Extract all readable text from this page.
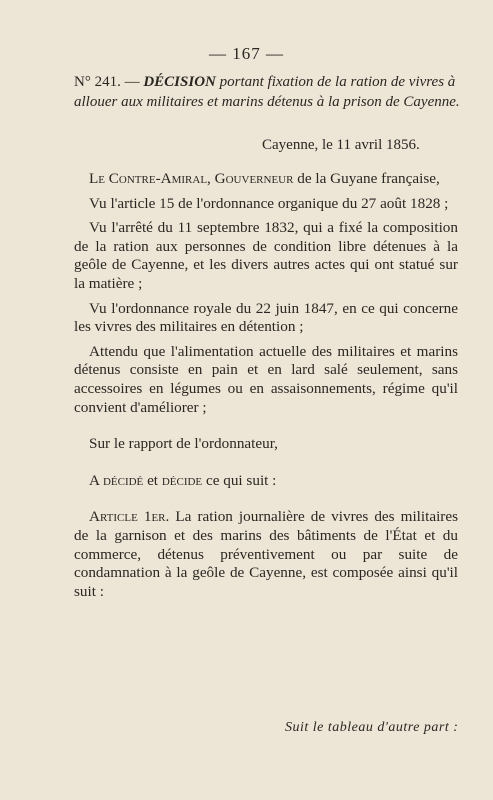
— 167 —
N° 241. — DÉCISION portant fixation de la ration de vivres à allouer aux militaires et marins détenus à la prison de Cayenne.
Cayenne, le 11 avril 1856.

Le Contre-Amiral, Gouverneur de la Guyane française,

Vu l'article 15 de l'ordonnance organique du 27 août 1828 ;

Vu l'arrêté du 11 septembre 1832, qui a fixé la composition de la ration aux personnes de condition libre détenues à la geôle de Cayenne, et les divers autres actes qui ont statué sur la matière ;

Vu l'ordonnance royale du 22 juin 1847, en ce qui concerne les vivres des militaires en détention ;

Attendu que l'alimentation actuelle des militaires et marins détenus consiste en pain et en lard salé seulement, sans accessoires en légumes ou en assaisonnements, régime qu'il convient d'améliorer ;

Sur le rapport de l'ordonnateur,

A décidé et décide ce qui suit :

Article 1er. La ration journalière de vivres des militaires de la garnison et des marins des bâtiments de l'État et du commerce, détenus préventivement ou par suite de condamnation à la geôle de Cayenne, est composée ainsi qu'il suit :

Suit le tableau d'autre part :
